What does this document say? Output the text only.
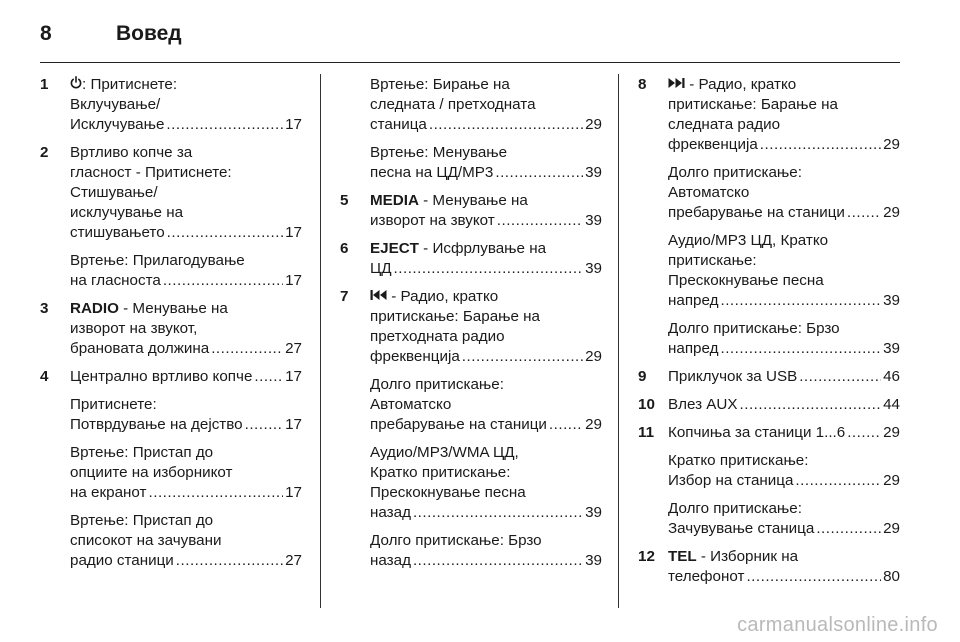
8	Вовед
1	: Притиснете:
Вклучување/
Исклучување .....	17
2	Вртливо копче за
гласност - Притиснете:
Стишување/
исклучување на
стишувањето .....	17
Вртење: Прилагодување
на гласноста .....	17
3	RADIO - Менување на
изворот на звукот,
брановата должина .....	27
4	Централно вртливо копче ..... 17
Притиснете:
Потврдување на дејство .....	17
Вртење: Пристап до
опциите на изборникот
на екранот .....	17
Вртење: Пристап до
списокот на зачувани
радио станици .....	27
Вртење: Бирање на
следната / претходната
станица .....	29
Вртење: Менување
песна на ЦД/MP3 .....	39
5	MEDIA - Менување на
изворот на звукот .....	39
6	EJECT - Исфрлување на
ЦД .....	39
7	- Радио, кратко
притискање: Барање на
претходната радио
фреквенција .....	29
Долго притискање:
Автоматско
пребарување на станици .....	29
Аудио/MP3/WMA ЦД,
Кратко притискање:
Прескокнување песна
назад .....	39
Долго притискање: Брзо
назад .....	39
8	- Радио, кратко
притискање: Барање на
следната радио
фреквенција .....	29
Долго притискање:
Автоматско
пребарување на станици .....	29
Аудио/MP3 ЦД, Кратко
притискање:
Прескокнување песна
напред .....	39
Долго притискање: Брзо
напред .....	39
9	Приклучок за USB .....	46
10 Влез AUX .....	44
11 Копчиња за станици 1...6 ..... 29
Кратко притискање:
Избор на станица .....	29
Долго притискање:
Зачувување станица .....	29
12 TEL - Изборник на
телефонот .....	80
carmanualsonline.info
